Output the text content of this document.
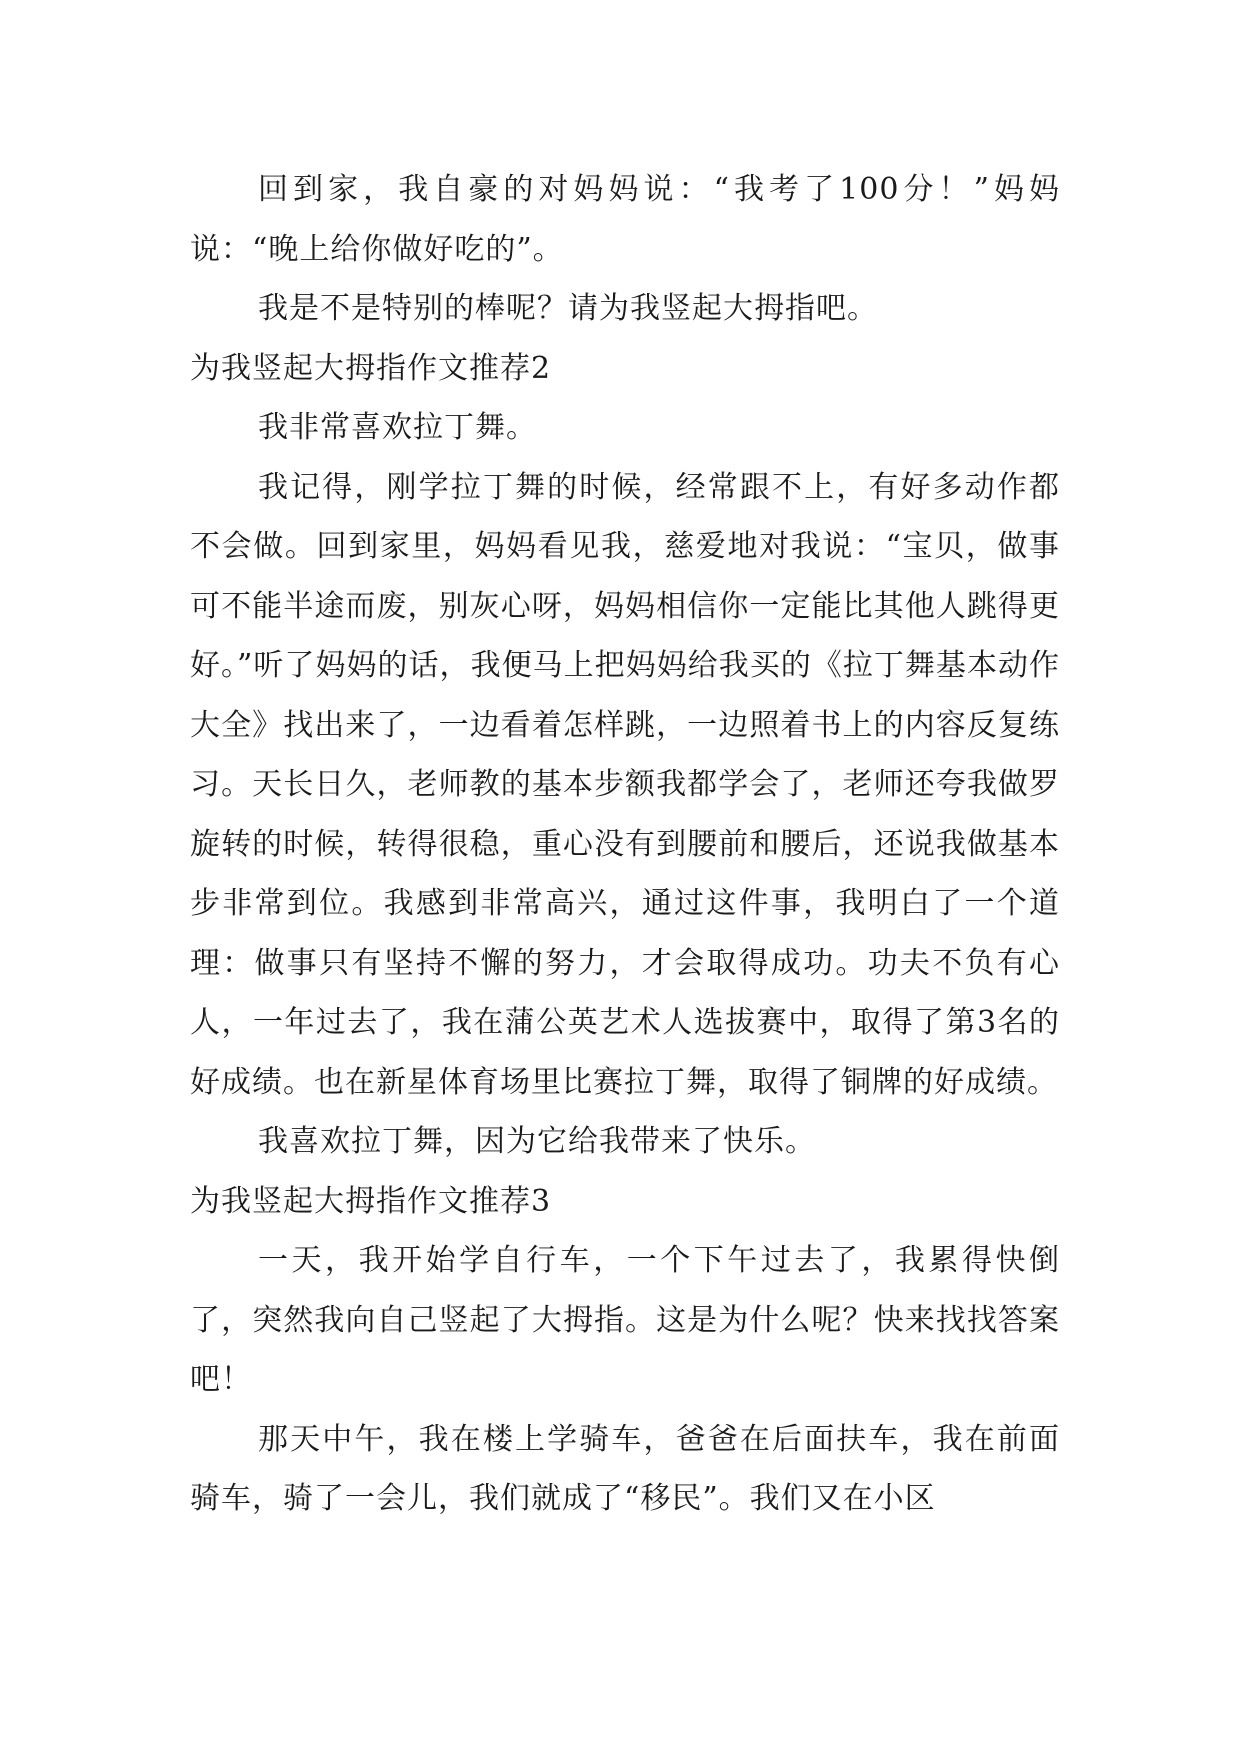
回到家，我自豪的对妈妈说：“我考了100分！”妈妈说：“晚上给你做好吃的”。

我是不是特别的棒呢？请为我竖起大拇指吧。

为我竖起大拇指作文推荐2

我非常喜欢拉丁舞。

我记得，刚学拉丁舞的时候，经常跟不上，有好多动作都不会做。回到家里，妈妈看见我，慈爱地对我说：“宝贝，做事可不能半途而废，别灰心呀，妈妈相信你一定能比其他人跳得更好。”听了妈妈的话，我便马上把妈妈给我买的《拉丁舞基本动作大全》找出来了，一边看着怎样跳，一边照着书上的内容反复练习。天长日久，老师教的基本步额我都学会了，老师还夸我做罗旋转的时候，转得很稳，重心没有到腰前和腰后，还说我做基本步非常到位。我感到非常高兴，通过这件事，我明白了一个道理：做事只有坚持不懈的努力，才会取得成功。功夫不负有心人，一年过去了，我在蒲公英艺术人选拔赛中，取得了第3名的好成绩。也在新星体育场里比赛拉丁舞，取得了铜牌的好成绩。

我喜欢拉丁舞，因为它给我带来了快乐。

为我竖起大拇指作文推荐3

一天，我开始学自行车，一个下午过去了，我累得快倒了，突然我向自己竖起了大拇指。这是为什么呢？快来找找答案吧！

那天中午，我在楼上学骑车，爸爸在后面扶车，我在前面骑车，骑了一会儿，我们就成了“移民”。我们又在小区
